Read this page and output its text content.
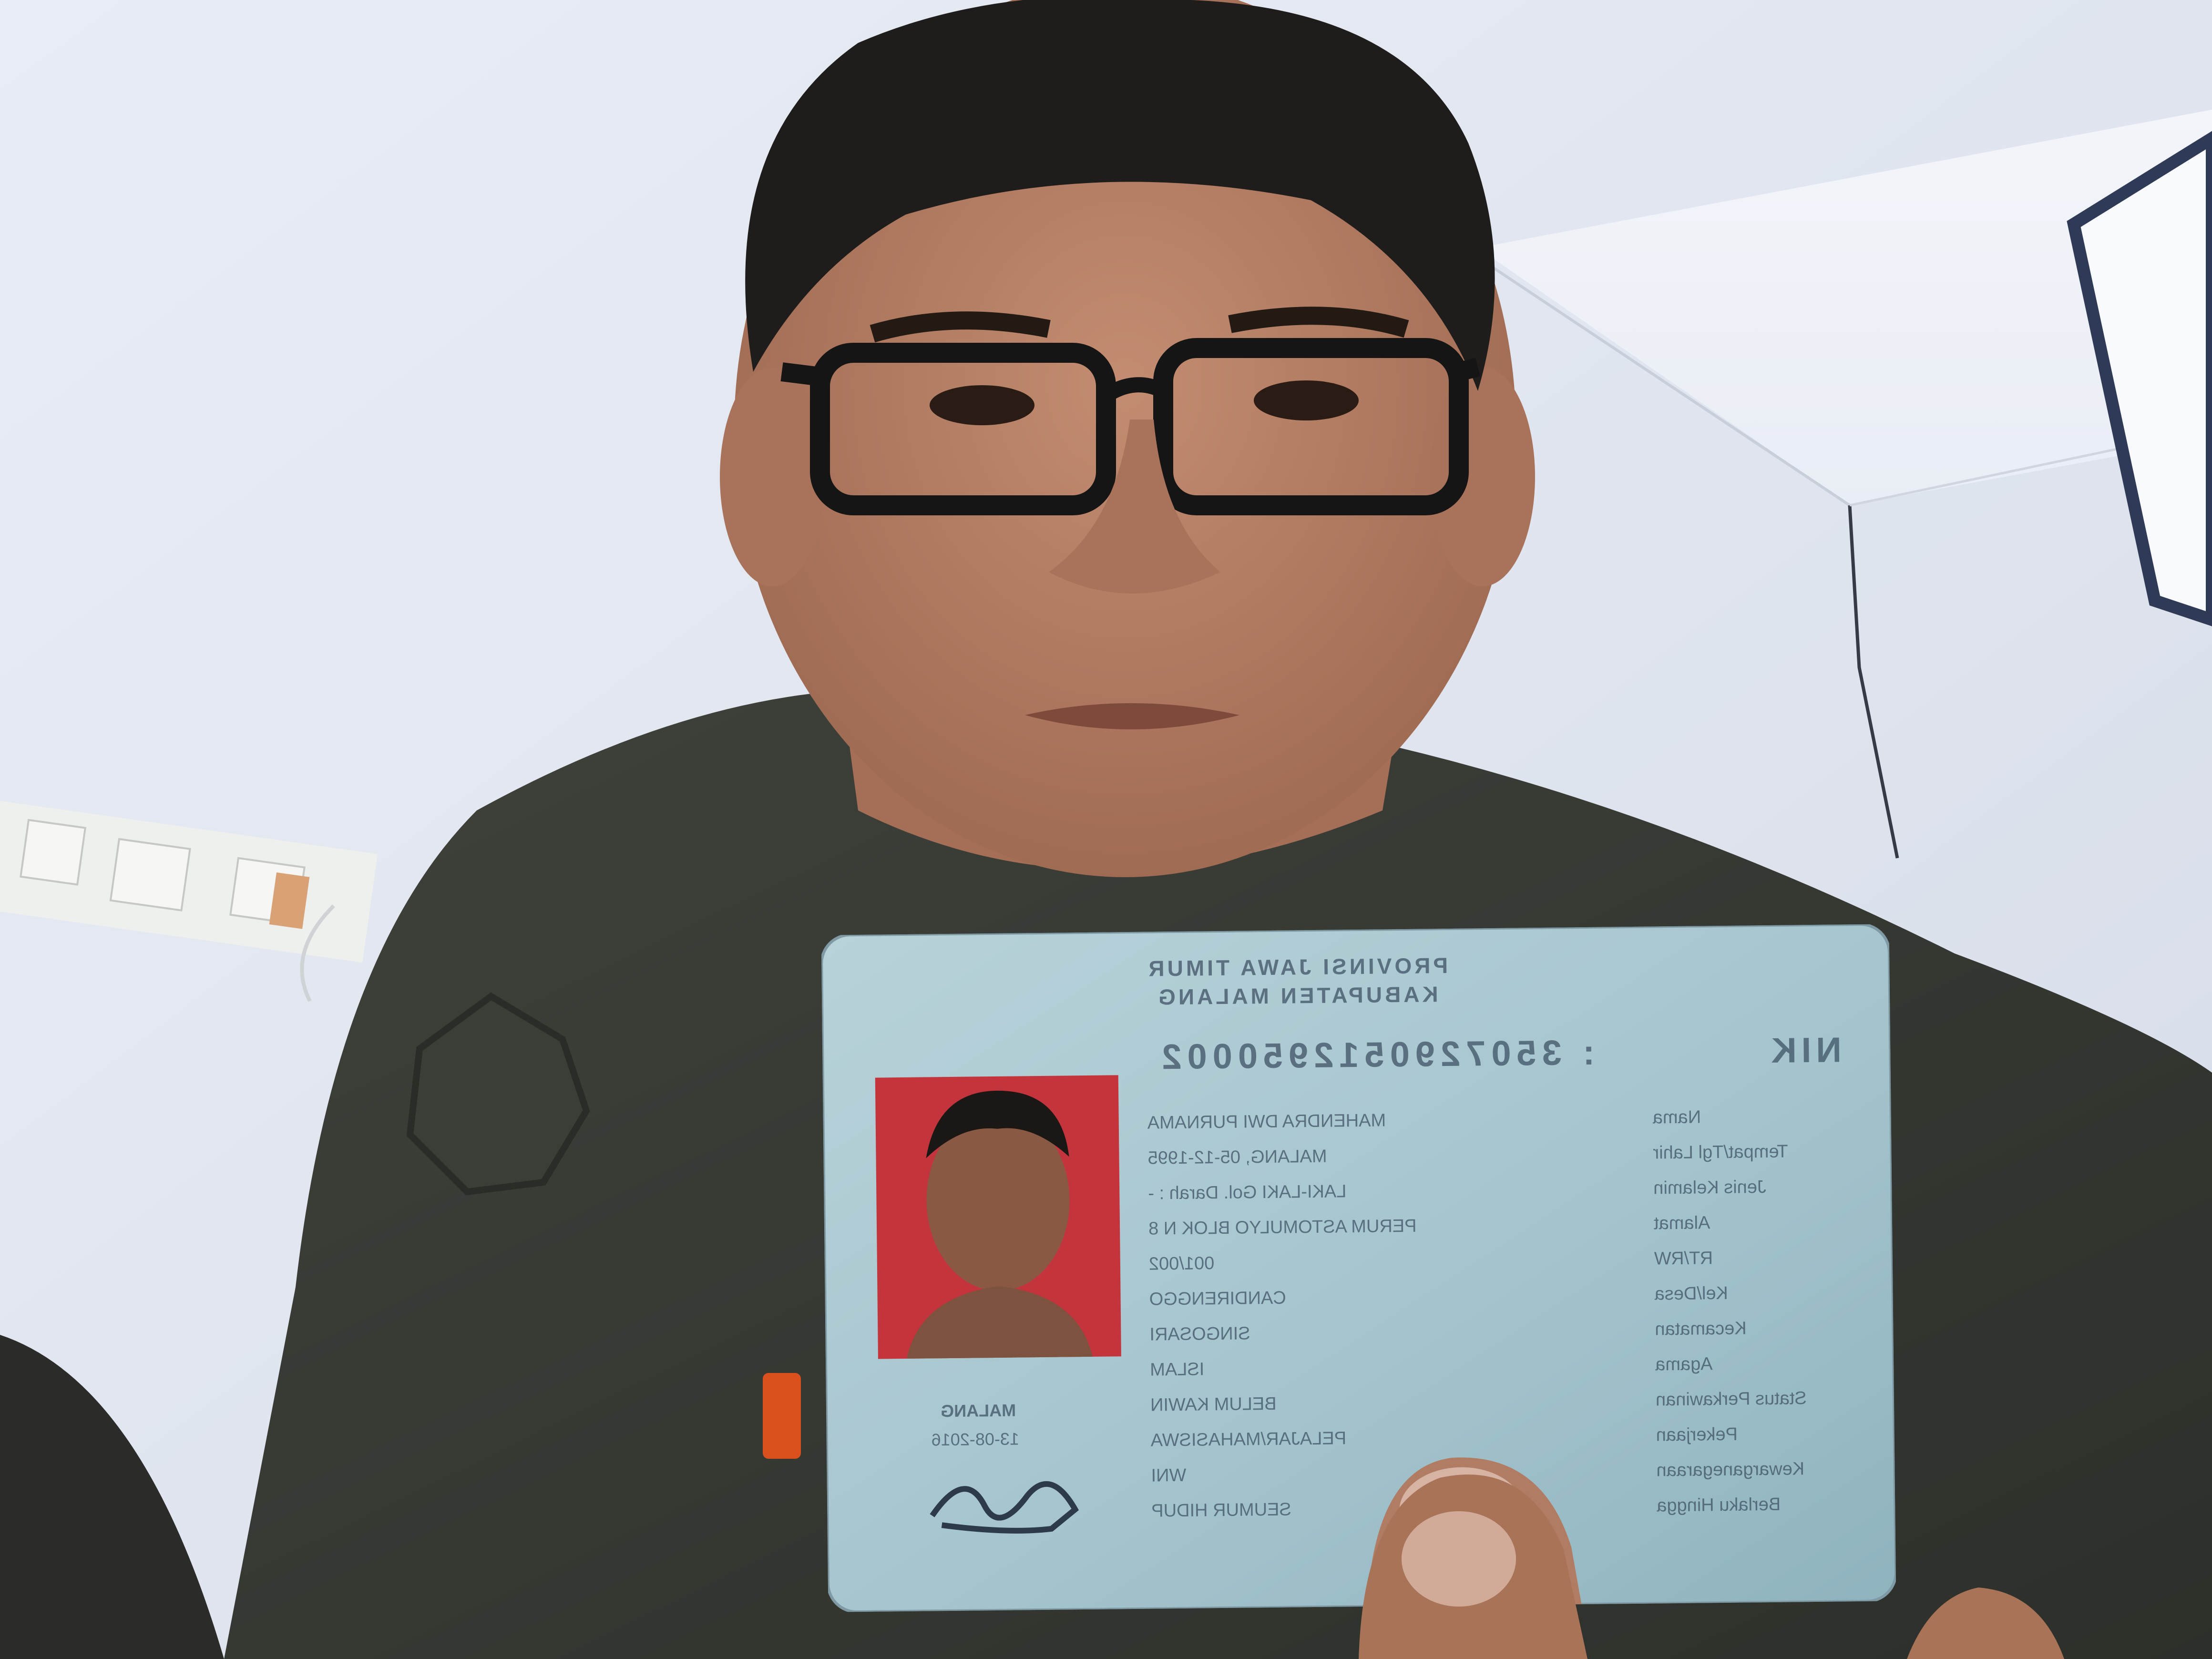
PROVINSI JAWA TIMUR
KABUPATEN MALANG
: 3507290512950002	NIK
MAHENDRA DWI PURNAMA	Nama
MALANG, 05-12-1995	Tempat/Tgl Lahir
LAKI-LAKI Gol. Darah : -	Jenis Kelamin
PERUM ASTOMULYO BLOK N 8	Alamat
001/002	RT/RW
CANDIRENGGO	Kel/Desa
SINGOSARI	Kecamatan
ISLAM	Agama
BELUM KAWIN	Status Perkawinan
PELAJAR/MAHASISWA	Pekerjaan
WNI	Kewarganegaraan
SEUMUR HIDUP	Berlaku Hingga
MALANG
13-08-2016
